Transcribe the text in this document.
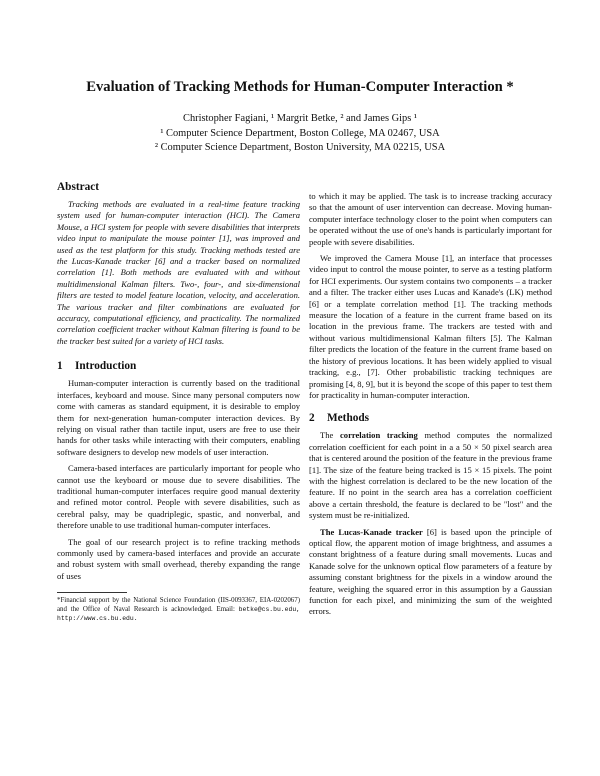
Evaluation of Tracking Methods for Human-Computer Interaction *
Christopher Fagiani, ¹ Margrit Betke, ² and James Gips ¹
¹ Computer Science Department, Boston College, MA 02467, USA
² Computer Science Department, Boston University, MA 02215, USA
Abstract

Tracking methods are evaluated in a real-time feature tracking system used for human-computer interaction (HCI). The Camera Mouse, a HCI system for people with severe disabilities that interprets video input to manipulate the mouse pointer [1], was improved and used as the test platform for this study. Tracking methods tested are the Lucas-Kanade tracker [6] and a tracker based on normalized correlation [1]. Both methods are evaluated with and without multidimensional Kalman filters. Two-, four-, and six-dimensional filters are tested to model feature location, velocity, and acceleration. The various tracker and filter combinations are evaluated for accuracy, computational efficiency, and practicality. The normalized correlation coefficient tracker without Kalman filtering is found to be the tracker best suited for a variety of HCI tasks.

1 Introduction

Human-computer interaction is currently based on the traditional interfaces, keyboard and mouse. Since many personal computers now come with cameras as standard equipment, it is desirable to employ them for next-generation human-computer interaction devices. By relying on visual rather than tactile input, users are free to use their hands for other tasks while interacting with their computers, enabling software designers to develop new models of user interaction.

Camera-based interfaces are particularly important for people who cannot use the keyboard or mouse due to severe disabilities. The traditional human-computer interfaces require good manual dexterity and refined motor control. People with severe disabilities, such as cerebral palsy, may be quadriplegic, spastic, and nonverbal, and therefore unable to use traditional human-computer interfaces.

The goal of our research project is to refine tracking methods commonly used by camera-based interfaces and provide an accurate and robust system with small overhead, thereby expanding the range of uses

*Financial support by the National Science Foundation (IIS-0093367, EIA-0202067) and the Office of Naval Research is acknowledged. Email: betke@cs.bu.edu, http://www.cs.bu.edu.

to which it may be applied. The task is to increase tracking accuracy so that the amount of user intervention can decrease. Moving human-computer interface technology closer to the point when computers can be operated without the use of one's hands is particularly important for people with severe disabilities.

We improved the Camera Mouse [1], an interface that processes video input to control the mouse pointer, to serve as a testing platform for HCI experiments. Our system contains two components – a tracker and a filter. The tracker either uses Lucas and Kanade's (LK) method [6] or a template correlation method [1]. The tracking methods measure the location of a feature in the current frame based on its location in the previous frame. The trackers are tested with and without various multidimensional Kalman filters [5]. The Kalman filter predicts the location of the feature in the current frame based on the history of previous locations. It has been widely applied to visual tracking, e.g., [7]. Other probabilistic tracking techniques are promising [4, 8, 9], but it is beyond the scope of this paper to test them for practicality in human-computer interaction.

2 Methods

The correlation tracking method computes the normalized correlation coefficient for each point in a a 50 × 50 pixel search area that is centered around the position of the feature in the previous frame [1]. The size of the feature being tracked is 15 × 15 pixels. The point with the highest correlation is declared to be the new location of the feature. If no point in the search area has a correlation coefficient above a certain threshold, the feature is declared to be "lost" and the system must be re-initialized.

The Lucas-Kanade tracker [6] is based upon the principle of optical flow, the apparent motion of image brightness, and assumes a constant brightness of a feature during small movements. Lucas and Kanade solve for the unknown optical flow parameters of a feature by assuming constant brightness for the pixels in a window around the feature, weighing the squared error in this assumption by a Gaussian function for each pixel, and minimizing the sum of the weighted errors.
